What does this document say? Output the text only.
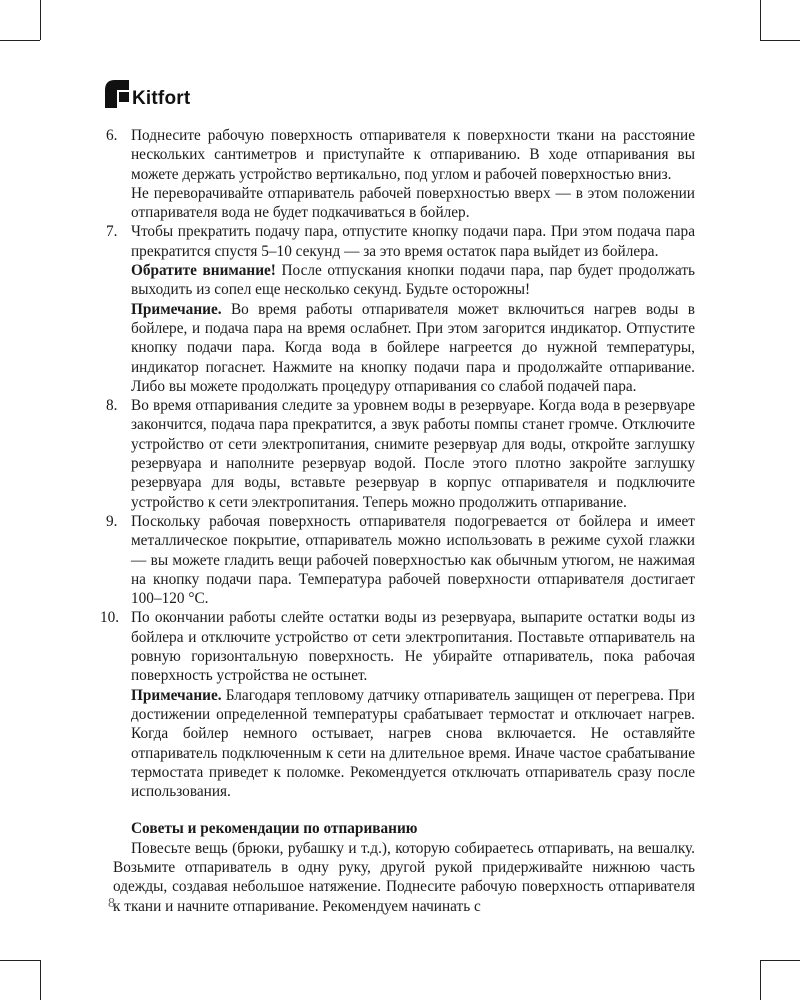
Kitfort
6. Поднесите рабочую поверхность отпаривателя к поверхности ткани на расстояние нескольких сантиметров и приступайте к отпариванию. В ходе отпаривания вы можете держать устройство вертикально, под углом и рабочей поверхностью вниз.

Не переворачивайте отпариватель рабочей поверхностью вверх — в этом положении отпаривателя вода не будет подкачиваться в бойлер.

7. Чтобы прекратить подачу пара, отпустите кнопку подачи пара. При этом подача пара прекратится спустя 5–10 секунд — за это время остаток пара выйдет из бойлера.

Обратите внимание! После отпускания кнопки подачи пара, пар будет продолжать выходить из сопел еще несколько секунд. Будьте осторожны!

Примечание. Во время работы отпаривателя может включиться нагрев воды в бойлере, и подача пара на время ослабнет. При этом загорится индикатор. Отпустите кнопку подачи пара. Когда вода в бойлере нагреется до нужной температуры, индикатор погаснет. Нажмите на кнопку подачи пара и продолжайте отпаривание. Либо вы можете продолжать процедуру отпаривания со слабой подачей пара.

8. Во время отпаривания следите за уровнем воды в резервуаре. Когда вода в резервуаре закончится, подача пара прекратится, а звук работы помпы станет громче. Отключите устройство от сети электропитания, снимите резервуар для воды, откройте заглушку резервуара и наполните резервуар водой. После этого плотно закройте заглушку резервуара для воды, вставьте резервуар в корпус отпаривателя и подключите устройство к сети электропитания. Теперь можно продолжить отпаривание.

9. Поскольку рабочая поверхность отпаривателя подогревается от бойлера и имеет металлическое покрытие, отпариватель можно использовать в режиме сухой глажки — вы можете гладить вещи рабочей поверхностью как обычным утюгом, не нажимая на кнопку подачи пара. Температура рабочей поверхности отпаривателя достигает 100–120 °С.

10. По окончании работы слейте остатки воды из резервуара, выпарите остатки воды из бойлера и отключите устройство от сети электропитания. Поставьте отпариватель на ровную горизонтальную поверхность. Не убирайте отпариватель, пока рабочая поверхность устройства не остынет.

Примечание. Благодаря тепловому датчику отпариватель защищен от перегрева. При достижении определенной температуры срабатывает термостат и отключает нагрев. Когда бойлер немного остывает, нагрев снова включается. Не оставляйте отпариватель подключенным к сети на длительное время. Иначе частое срабатывание термостата приведет к поломке. Рекомендуется отключать отпариватель сразу после использования.

Советы и рекомендации по отпариванию

Повесьте вещь (брюки, рубашку и т.д.), которую собираетесь отпаривать, на вешалку. Возьмите отпариватель в одну руку, другой рукой придерживайте нижнюю часть одежды, создавая небольшое натяжение. Поднесите рабочую поверхность отпаривателя к ткани и начните отпаривание. Рекомендуем начинать с

8
